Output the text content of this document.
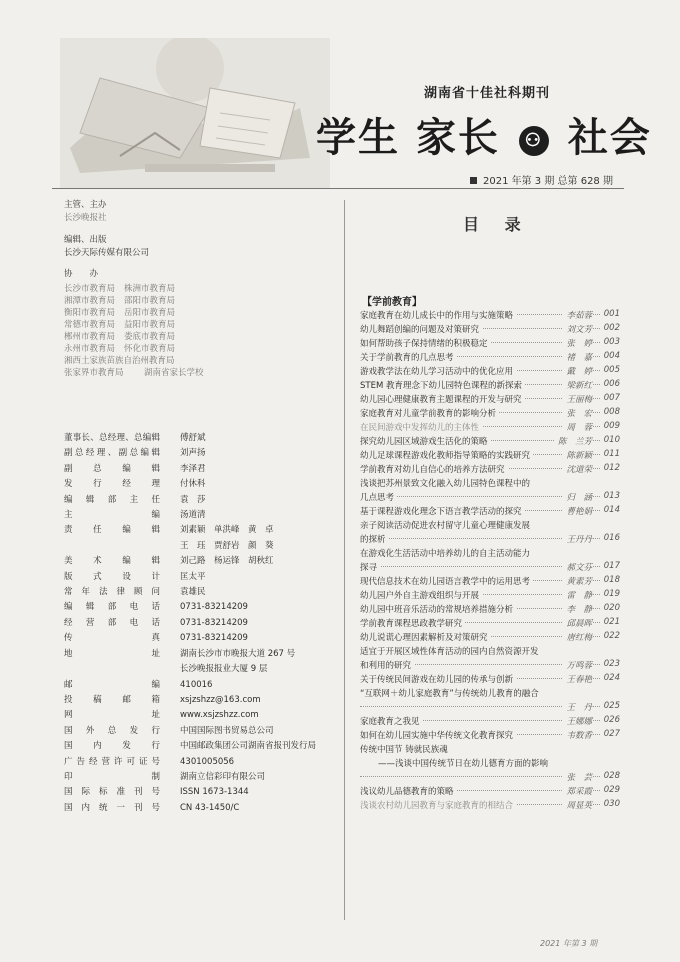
湖南省十佳社科期刊
学生 家长 ⚇ 社会
2021 年第 3 期 总第 628 期
主管、主办
长沙晚报社
编辑、出版
长沙天际传媒有限公司
协　　办
长沙市教育局 株洲市教育局
湘潭市教育局 邵阳市教育局
衡阳市教育局 岳阳市教育局
常德市教育局 益阳市教育局
郴州市教育局 娄底市教育局
永州市教育局 怀化市教育局
湘西土家族苗族自治州教育局
张家界市教育局 湖南省家长学校
董事长、总经理、总编辑 傅舒斌
副总经理、副总编辑 刘声扬
副总编辑 李泽君
发行经理 付休科
编辑部主任 袁　莎
主编 汤道清
责任编辑 刘素颖　单洪峰　黄　卓
王　珏　贾舒岩　颜　葵
美术编辑 刘己路　杨运锋　胡秋红
版式设计 匡太平
常年法律顾问 袁雄民
编辑部电话 0731-83214209
经营部电话 0731-83214209
传真 0731-83214209
地址 湖南长沙市市晚报大道 267 号
长沙晚报报业大厦 9 层
邮编 410016
投稿邮箱 xsjzshzz@163.com
网址 www.xsjzshzz.com
国外总发行 中国国际图书贸易总公司
国内发行 中国邮政集团公司湖南省报刊发行局
广告经营许可证号 4301005056
印制 湖南立信彩印有限公司
国际标准刊号 ISSN 1673-1344
国内统一刊号 CN 43-1450/C
目 录
【学前教育】
家庭教育在幼儿成长中的作用与实施策略	李茹蓉	001
幼儿舞蹈创编的问题及对策研究	刘文芳	002
如何帮助孩子保持情绪的积极稳定	张　婷	003
关于学前教育的几点思考	褚　嘉	004
游戏教学法在幼儿学习活动中的优化应用	戴　婷	005
STEM 教育理念下幼儿园特色课程的新探索	梁新红	006
幼儿园心理健康教育主题课程的开发与研究	王丽梅	007
家庭教育对儿童学前教育的影响分析	张　宏	008
在民间游戏中发挥幼儿的主体性	周　蓉	009
探究幼儿园区域游戏生活化的策略	陈　兰芳	010
幼儿足球课程游戏化教师指导策略的实践研究	陈新颖	011
学前教育对幼儿自信心的培养方法研究	沈道荣	012
浅谈把苏州景致文化融入幼儿园特色课程中的
几点思考	归　涵	013
基于课程游戏化理念下语言教学活动的探究	曹艳娟	014
亲子阅读活动促进农村留守儿童心理健康发展
的探析	王丹丹	016
在游戏化生活活动中培养幼儿的自主活动能力
探寻	郝文芬	017
现代信息技术在幼儿园语言教学中的运用思考	黄素芳	018
幼儿园户外自主游戏组织与开展	雷　静	019
幼儿园中班音乐活动的常规培养措施分析	李　静	020
学前教育课程思政教学研究	邱晨晖	021
幼儿说谎心理因素解析及对策研究	唐红梅	022
适宜于开展区域性体育活动的园内自然资源开发
和利用的研究	万鸣蓉	023
关于传统民间游戏在幼儿园的传承与创新	王春艳	024
“互联网＋幼儿家庭教育”与传统幼儿教育的融合
王　丹	025
家庭教育之我见	王娜娜	026
如何在幼儿园实施中华传统文化教育探究	韦数香	027
传统中国节 铸就民族魂
——浅谈中国传统节日在幼儿德育方面的影响
张　芸	028
浅议幼儿品德教育的策略	郑采霞	029
浅谈农村幼儿园教育与家庭教育的相结合	周显英	030
2021 年第 3 期
